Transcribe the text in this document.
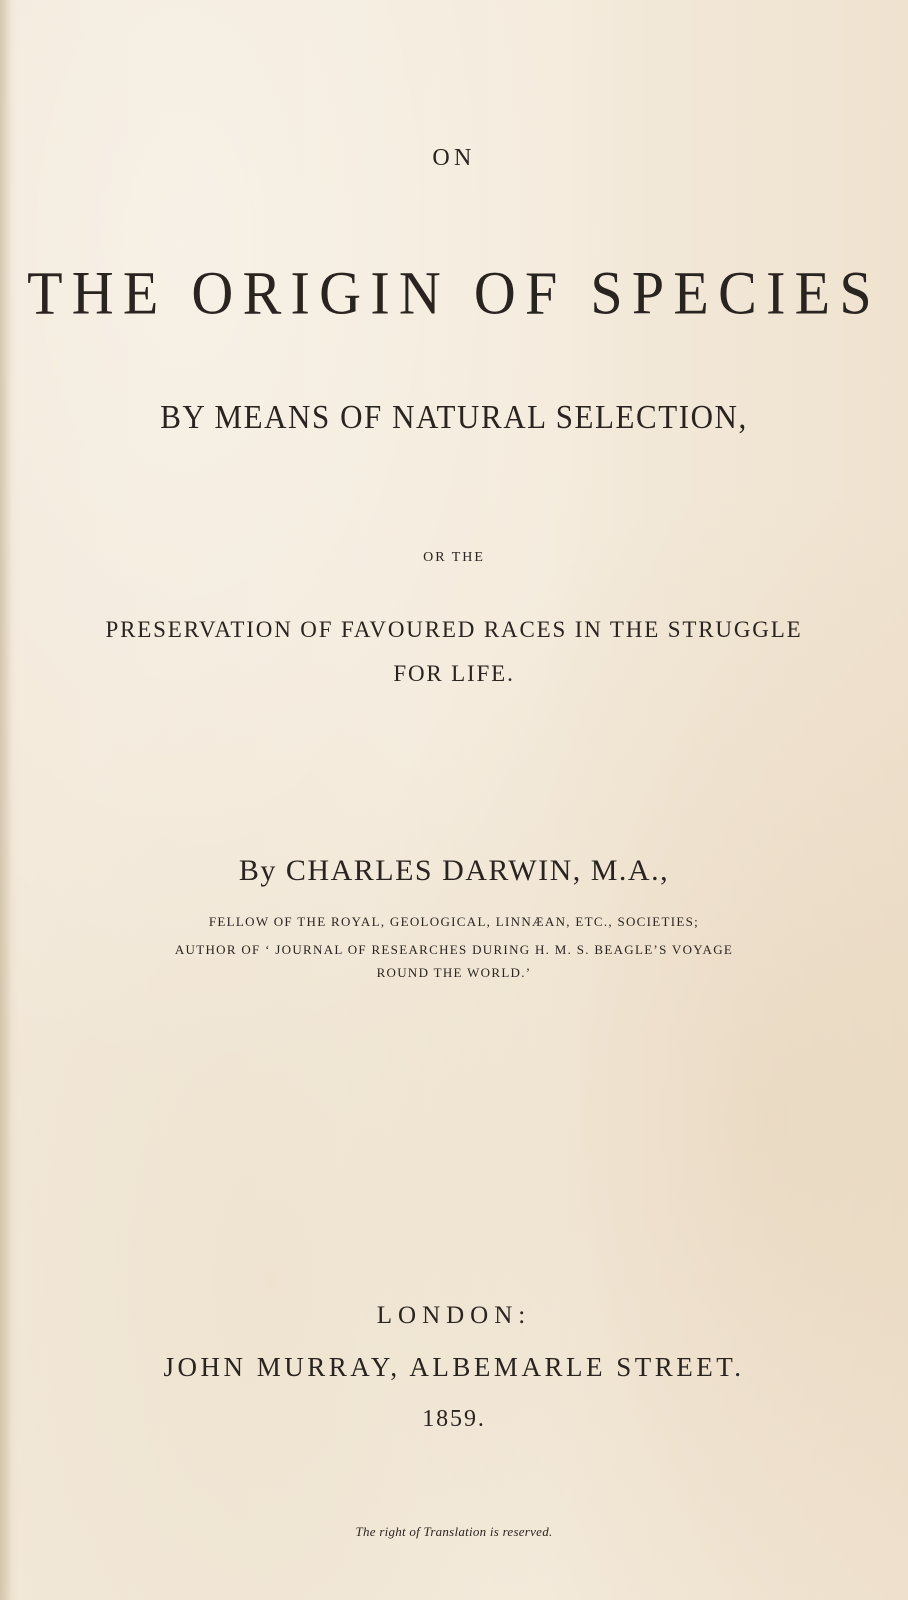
ON
THE ORIGIN OF SPECIES
BY MEANS OF NATURAL SELECTION,
OR THE
PRESERVATION OF FAVOURED RACES IN THE STRUGGLE
FOR LIFE.
By CHARLES DARWIN, M.A.,
FELLOW OF THE ROYAL, GEOLOGICAL, LINNÆAN, ETC., SOCIETIES;
AUTHOR OF ‘ JOURNAL OF RESEARCHES DURING H. M. S. BEAGLE’S VOYAGE
ROUND THE WORLD.’
LONDON:
JOHN MURRAY, ALBEMARLE STREET.
1859.
The right of Translation is reserved.
